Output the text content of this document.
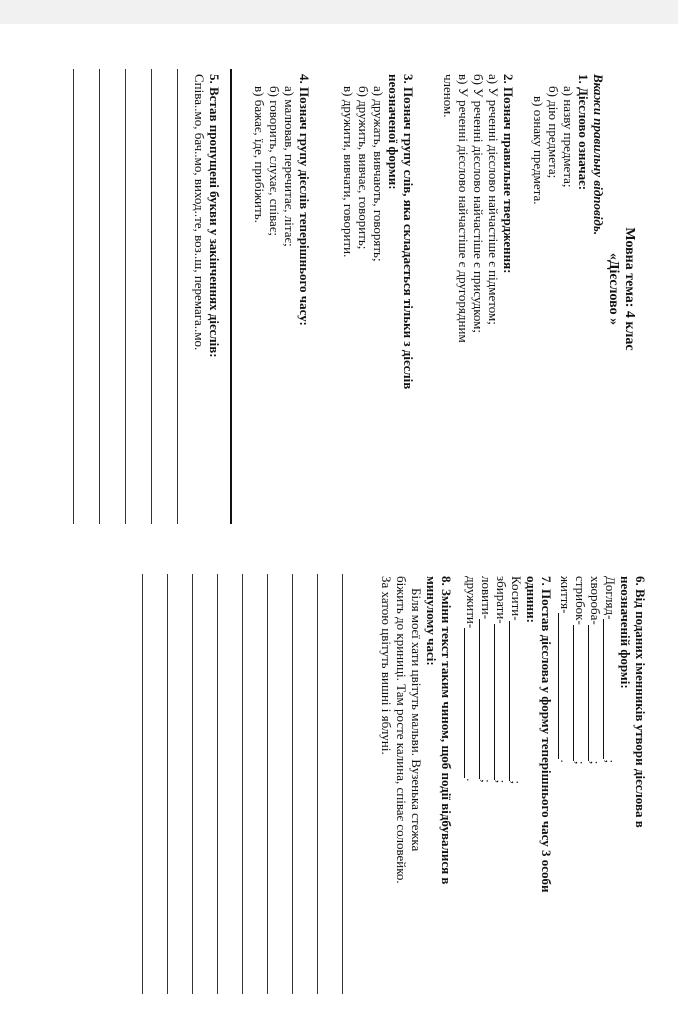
Мовна тема: 4 клас
«Дієслово »
Вкажи правильну відповідь.
1. Дієслово означає:
а) назву предмета;
б) дію предмета;
в) ознаку предмета.
2. Познач правильне твердження:
а) У реченні дієслово найчастіше є підметом;
б) У реченні дієслово найчастіше є присудком;
в) У реченні дієслово найчастіше є другорядним
членом.
3. Познач групу слів, яка складається тільки з дієслів
неозначеної форми:
а) дружать, вивчають, говорять;
б) дружить, вивчає, говорить;
в) дружити, вивчати, говорити.
4. Познач групу дієслів теперішнього часу:
а) малював, перечитає, літає;
б) говорить, слухає, співає;
в) бажає, їде, прибіжить.
5. Встав пропущені букви у закінченнях дієслів:
Співа..мо, бач..мо, виход..те, воз..ш, перемага..мо.
6. Від поданих іменників утвори дієслова в
неозначеній формі:
Догляд-;
хвороба-;
стрибок-;
життя-.
7. Постав дієслова у форму теперішнього часу 3 особи
однини:
Косити-;
збирати-;
ловити-;
дружити-.
8. Зміни текст таким чином, щоб події відбувалися в
минулому часі:
Біля моєї хати цвітуть мальви. Вузенька стежка
біжить до криниці. Там росте калина, співає соловейко.
За хатою цвітуть вишні і яблуні.
